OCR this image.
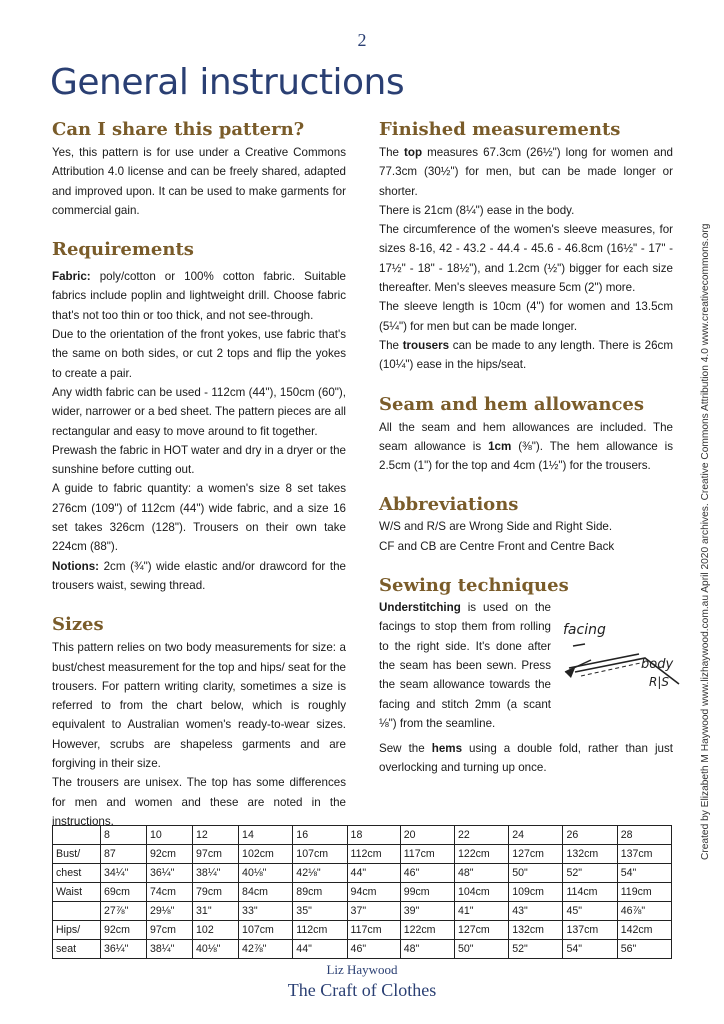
2
General instructions
Can I share this pattern?

Yes, this pattern is for use under a Creative Commons Attribution 4.0 license and can be freely shared, adapted and improved upon. It can be used to make garments for commercial gain.

Requirements

Fabric: poly/cotton or 100% cotton fabric. Suitable fabrics include poplin and lightweight drill. Choose fabric that's not too thin or too thick, and not see-through.

Due to the orientation of the front yokes, use fabric that's the same on both sides, or cut 2 tops and flip the yokes to create a pair.

Any width fabric can be used - 112cm (44"), 150cm (60"), wider, narrower or a bed sheet. The pattern pieces are all rectangular and easy to move around to fit together.

Prewash the fabric in HOT water and dry in a dryer or the sunshine before cutting out.

A guide to fabric quantity: a women's size 8 set takes 276cm (109") of 112cm (44") wide fabric, and a size 16 set takes 326cm (128"). Trousers on their own take 224cm (88").

Notions: 2cm (¾") wide elastic and/or drawcord for the trousers waist, sewing thread.

Sizes

This pattern relies on two body measurements for size: a bust/chest measurement for the top and hips/ seat for the trousers. For pattern writing clarity, sometimes a size is referred to from the chart below, which is roughly equivalent to Australian women's ready-to-wear sizes. However, scrubs are shapeless garments and are forgiving in their size.

The trousers are unisex. The top has some differences for men and women and these are noted in the instructions.

Finished measurements

The top measures 67.3cm (26½") long for women and 77.3cm (30½") for men, but can be made longer or shorter.

There is 21cm (8¼") ease in the body.

The circumference of the women's sleeve measures, for sizes 8-16, 42 - 43.2 - 44.4 - 45.6 - 46.8cm (16½" - 17" - 17½" - 18" - 18½"), and 1.2cm (½") bigger for each size thereafter. Men's sleeves measure 5cm (2") more.

The sleeve length is 10cm (4") for women and 13.5cm (5¼") for men but can be made longer.

The trousers can be made to any length. There is 26cm (10¼") ease in the hips/seat.

Seam and hem allowances

All the seam and hem allowances are included. The seam allowance is 1cm (⅜"). The hem allowance is 2.5cm (1") for the top and 4cm (1½") for the trousers.

Abbreviations

W/S and R/S are Wrong Side and Right Side.

CF and CB are Centre Front and Centre Back

Sewing techniques

Understitching is used on the facings to stop them from rolling to the right side. It's done after the seam has been sewn. Press the seam allowance towards the facing and stitch 2mm (a scant ⅛") from the seamline.

facing
body
R|S

Sew the hems using a double fold, rather than just overlocking and turning up once.	Created by Elizabeth M Haywood www.lizhaywood.com.au April 2020 archives. Creative Commons Attribution 4.0 www.creativecommons.org
	8	10	12	14	16	18	20	22	24	26	28
Bust/	87	92cm	97cm	102cm	107cm	112cm	117cm	122cm	127cm	132cm	137cm
chest	34¼"	36¼"	38¼"	40⅛"	42⅛"	44"	46"	48"	50"	52"	54"
Waist	69cm	74cm	79cm	84cm	89cm	94cm	99cm	104cm	109cm	114cm	119cm
	27⅞"	29⅛"	31"	33"	35"	37"	39"	41"	43"	45"	46⅞"
Hips/	92cm	97cm	102	107cm	112cm	117cm	122cm	127cm	132cm	137cm	142cm
seat	36¼"	38¼"	40⅛"	42⅞"	44"	46"	48"	50"	52"	54"	56"
Liz Haywood
The Craft of Clothes
